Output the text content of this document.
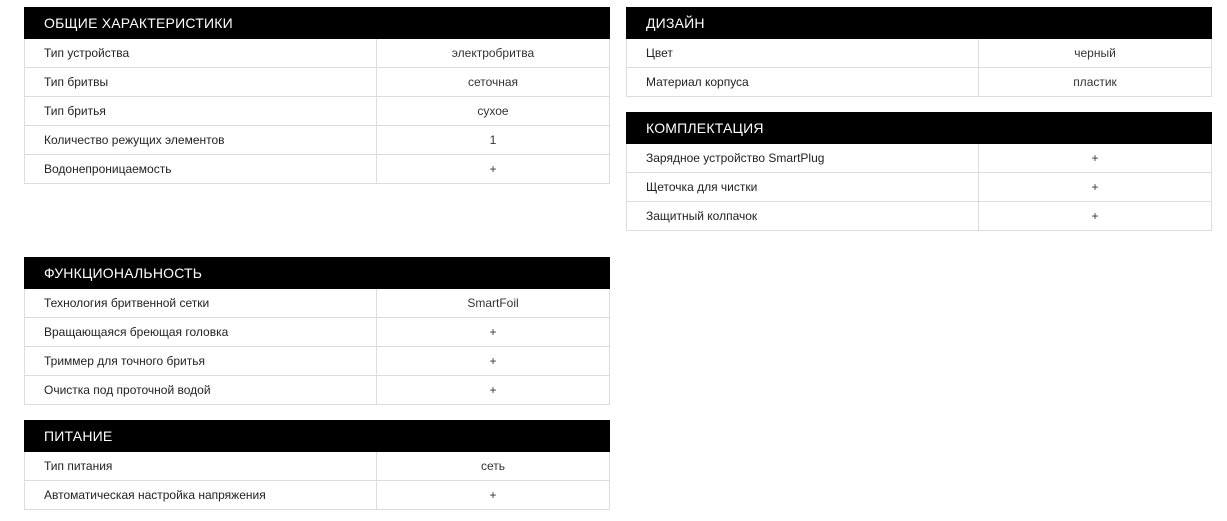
ОБЩИЕ ХАРАКТЕРИСТИКИ
Тип устройства	электробритва
Тип бритвы	сеточная
Тип бритья	сухое
Количество режущих элементов	1
Водонепроницаемость	+
ФУНКЦИОНАЛЬНОСТЬ
Технология бритвенной сетки	SmartFoil
Вращающаяся бреющая головка	+
Триммер для точного бритья	+
Очистка под проточной водой	+
ПИТАНИЕ
Тип питания	сеть
Автоматическая настройка напряжения	+
ДИЗАЙН
Цвет	черный
Материал корпуса	пластик
КОМПЛЕКТАЦИЯ
Зарядное устройство SmartPlug	+
Щеточка для чистки	+
Защитный колпачок	+
